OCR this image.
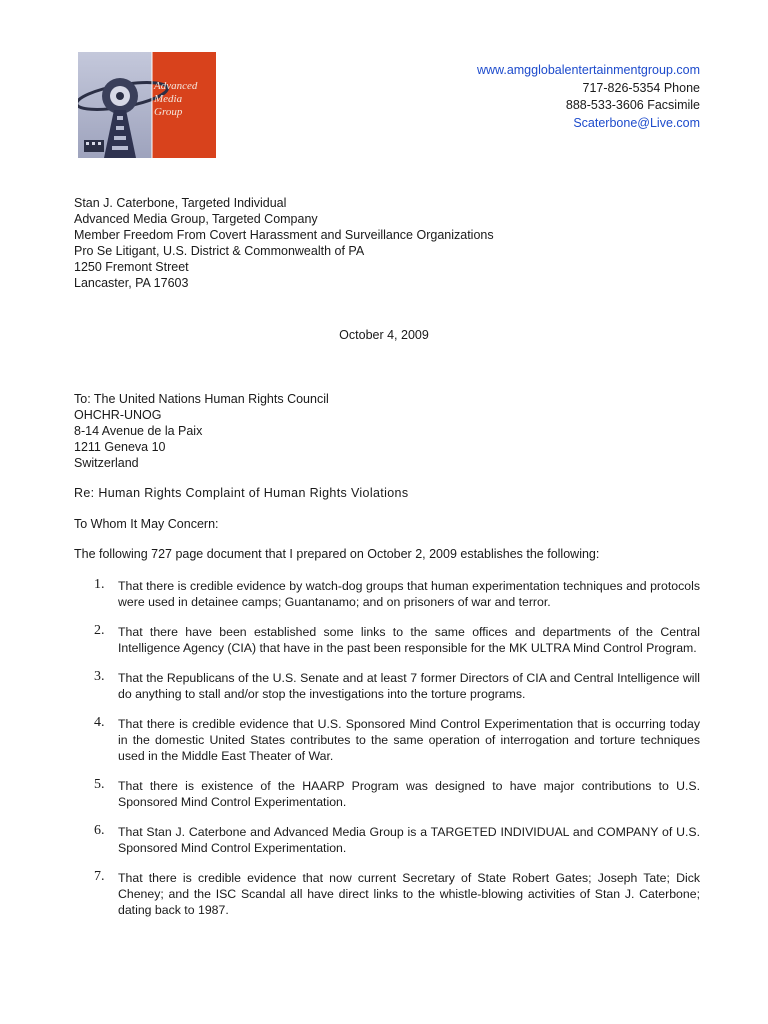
Advanced
Media
Group
www.amgglobalentertainmentgroup.com
717-826-5354 Phone
888-533-3606 Facsimile
Scaterbone@Live.com
Stan J. Caterbone, Targeted Individual
Advanced Media Group, Targeted Company
Member Freedom From Covert Harassment and Surveillance Organizations
Pro Se Litigant, U.S. District & Commonwealth of PA
1250 Fremont Street
Lancaster, PA 17603
October 4, 2009
To: The United Nations Human Rights Council
OHCHR-UNOG
8-14 Avenue de la Paix
1211 Geneva 10
Switzerland
Re: Human Rights Complaint of Human Rights Violations
To Whom It May Concern:
The following 727 page document that I prepared on October 2, 2009 establishes the following:
1. That there is credible evidence by watch-dog groups that human experimentation techniques and protocols were used in detainee camps; Guantanamo; and on prisoners of war and terror.
2. That there have been established some links to the same offices and departments of the Central Intelligence Agency (CIA) that have in the past been responsible for the MK ULTRA Mind Control Program.
3. That the Republicans of the U.S. Senate and at least 7 former Directors of CIA and Central Intelligence will do anything to stall and/or stop the investigations into the torture programs.
4. That there is credible evidence that U.S. Sponsored Mind Control Experimentation that is occurring today in the domestic United States contributes to the same operation of interrogation and torture techniques used in the Middle East Theater of War.
5. That there is existence of the HAARP Program was designed to have major contributions to U.S. Sponsored Mind Control Experimentation.
6. That Stan J. Caterbone and Advanced Media Group is a TARGETED INDIVIDUAL and COMPANY of U.S. Sponsored Mind Control Experimentation.
7. That there is credible evidence that now current Secretary of State Robert Gates; Joseph Tate; Dick Cheney; and the ISC Scandal all have direct links to the whistle-blowing activities of Stan J. Caterbone; dating back to 1987.
